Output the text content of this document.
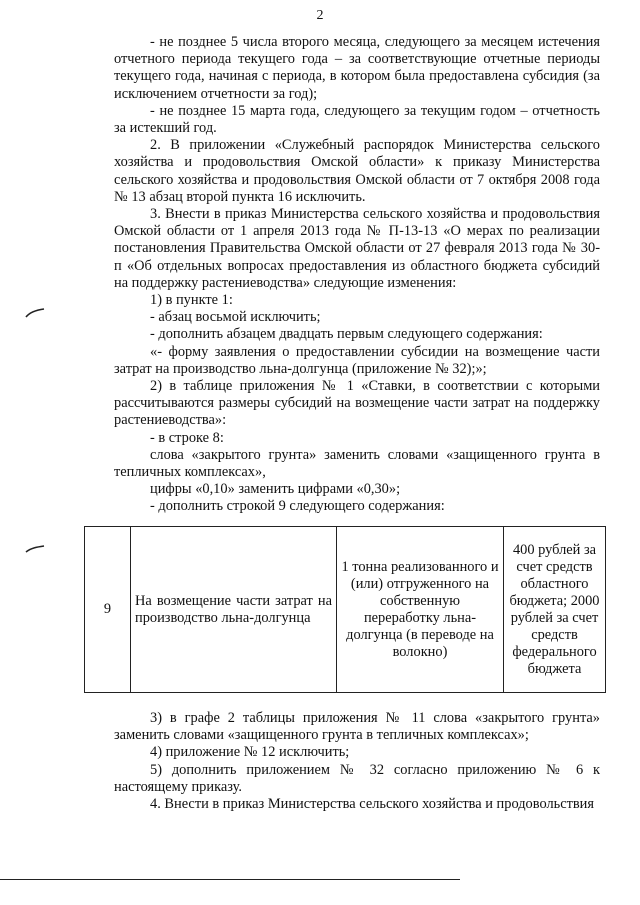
2

- не позднее 5 числа второго месяца, следующего за месяцем истечения отчетного периода текущего года – за соответствующие отчетные периоды текущего года, начиная с периода, в котором была предоставлена субсидия (за исключением отчетности за год);

- не позднее 15 марта года, следующего за текущим годом – отчетность за истекший год.

2. В приложении «Служебный распорядок Министерства сельского хозяйства и продовольствия Омской области» к приказу Министерства сельского хозяйства и продовольствия Омской области от 7 октября 2008 года № 13 абзац второй пункта 16 исключить.

3. Внести в приказ Министерства сельского хозяйства и продовольствия Омской области от 1 апреля 2013 года № П-13-13 «О мерах по реализации постановления Правительства Омской области от 27 февраля 2013 года № 30-п «Об отдельных вопросах предоставления из областного бюджета субсидий на поддержку растениеводства» следующие изменения:

1) в пункте 1:

- абзац восьмой исключить;

- дополнить абзацем двадцать первым следующего содержания:

«- форму заявления о предоставлении субсидии на возмещение части затрат на производство льна-долгунца (приложение № 32);»;

2) в таблице приложения № 1 «Ставки, в соответствии с которыми рассчитываются размеры субсидий на возмещение части затрат на поддержку растениеводства»:

- в строке 8:

слова «закрытого грунта» заменить словами «защищенного грунта в тепличных комплексах»,

цифры «0,10» заменить цифрами «0,30»;

- дополнить строкой 9 следующего содержания:

9	На возмещение части затрат на производство льна-долгунца	1 тонна реализованного и (или) отгруженного на собственную переработку льна-долгунца (в переводе на волокно)	400 рублей за счет средств областного бюджета; 2000 рублей за счет средств федерального бюджета

3) в графе 2 таблицы приложения № 11 слова «закрытого грунта» заменить словами «защищенного грунта в тепличных комплексах»;

4) приложение № 12 исключить;

5) дополнить приложением № 32 согласно приложению № 6 к настоящему приказу.

4. Внести в приказ Министерства сельского хозяйства и продовольствия
